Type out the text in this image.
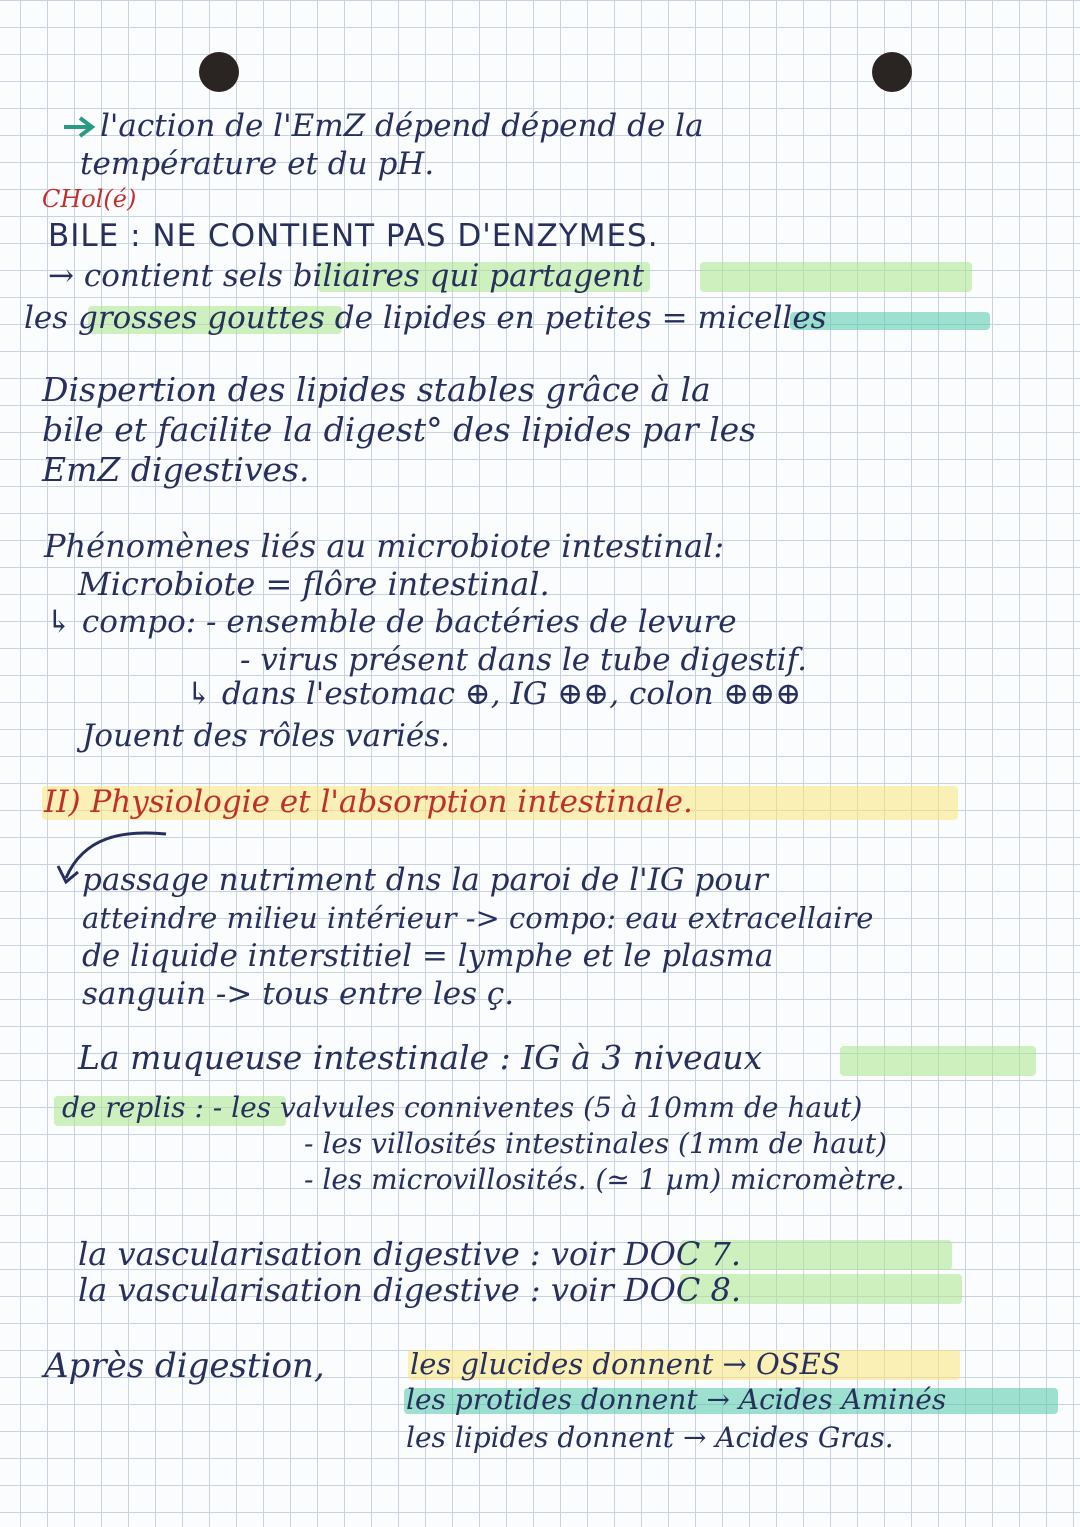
l'action de l'EmZ dépend dépend de la
température et du pH.
CHol(é)
BILE : NE CONTIENT PAS D'ENZYMES.
→ contient sels biliaires qui partagent
les grosses gouttes de lipides en petites = micelles
Dispertion des lipides stables grâce à la
bile et facilite la digest° des lipides par les
EmZ digestives.
Phénomènes liés au microbiote intestinal:
Microbiote = flôre intestinal.
↳ compo: - ensemble de bactéries de levure
- virus présent dans le tube digestif.
↳ dans l'estomac ⊕, IG ⊕⊕, colon ⊕⊕⊕
Jouent des rôles variés.
II) Physiologie et l'absorption intestinale.
passage nutriment dns la paroi de l'IG pour
atteindre milieu intérieur -> compo: eau extracellaire
de liquide interstitiel = lymphe et le plasma
sanguin -> tous entre les ç.
La muqueuse intestinale : IG à 3 niveaux
de replis : - les valvules conniventes (5 à 10mm de haut)
- les villosités intestinales (1mm de haut)
- les microvillosités. (≃ 1 µm) micromètre.
la vascularisation digestive : voir DOC 7.
la vascularisation digestive : voir DOC 8.
Après digestion,	les glucides donnent → OSES
les protides donnent → Acides Aminés
les lipides donnent → Acides Gras.
